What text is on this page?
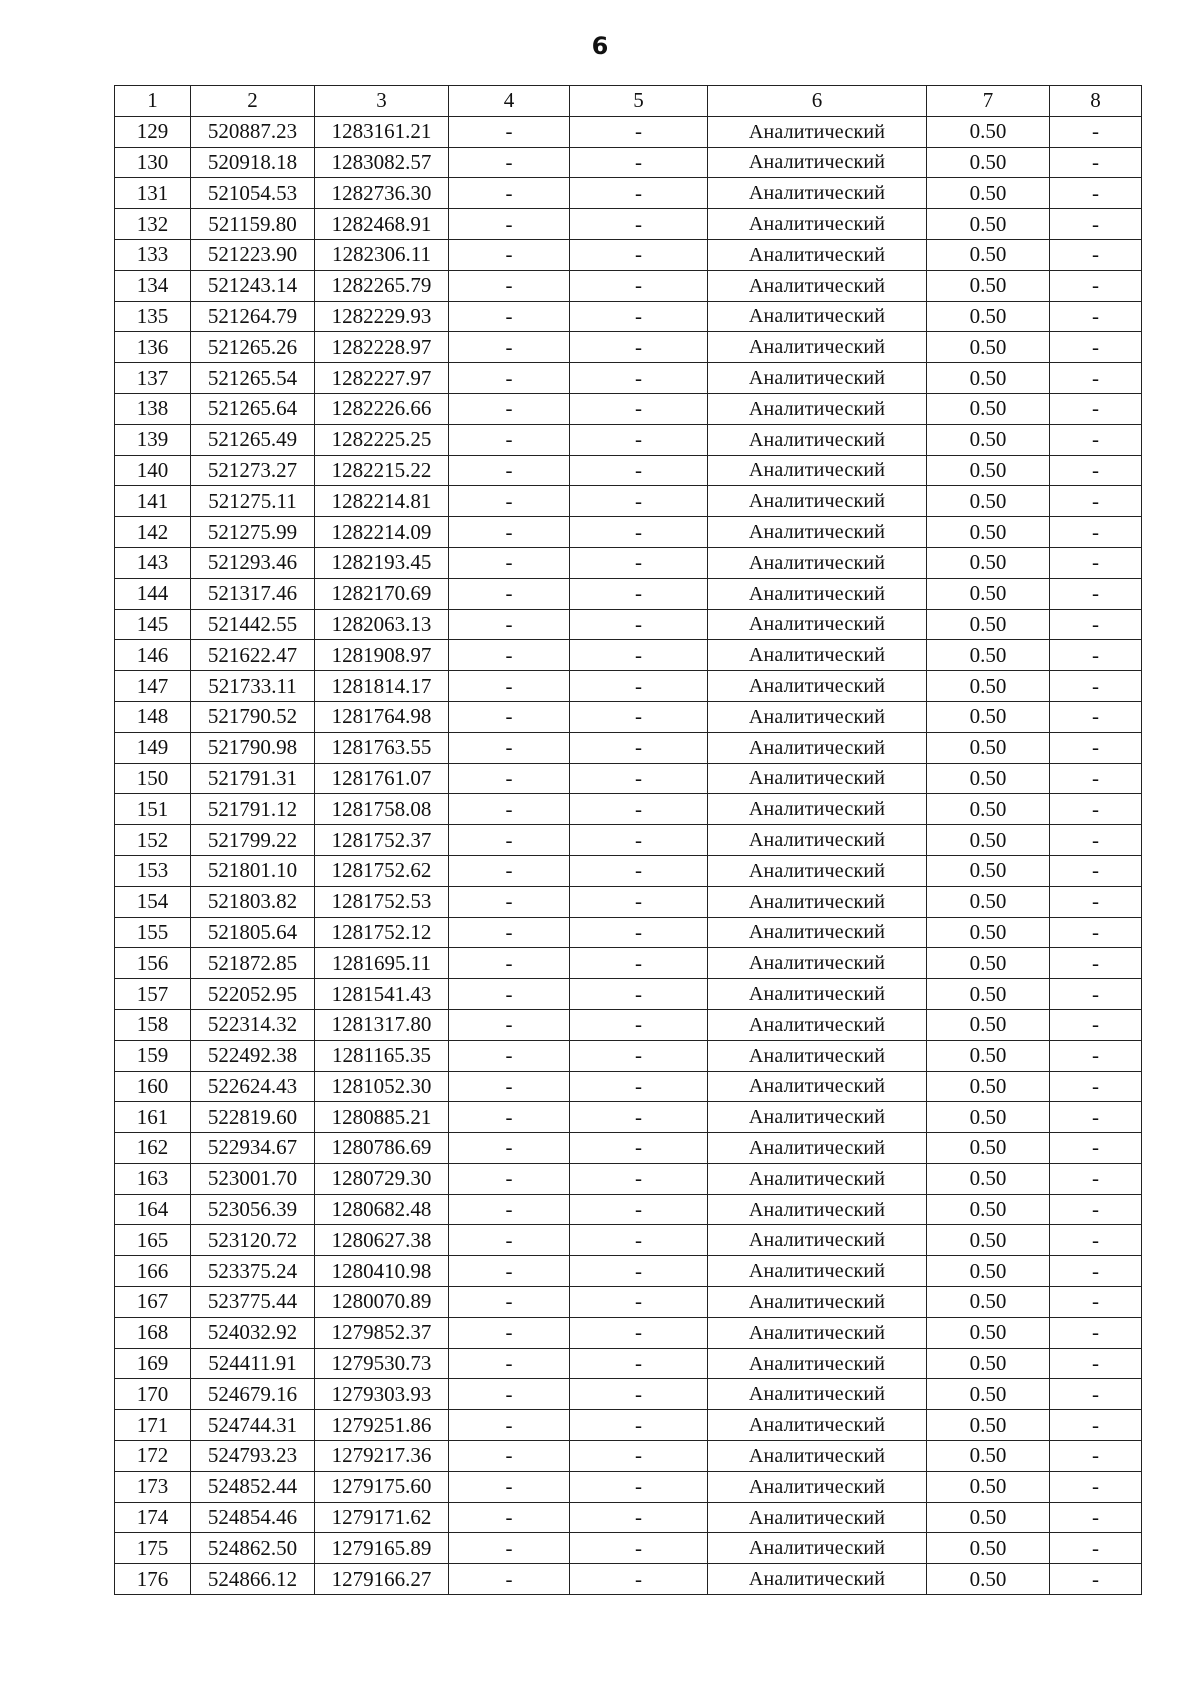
6
1	2	3	4	5	6	7	8
129	520887.23	1283161.21	-	-	Аналитический	0.50	-
130	520918.18	1283082.57	-	-	Аналитический	0.50	-
131	521054.53	1282736.30	-	-	Аналитический	0.50	-
132	521159.80	1282468.91	-	-	Аналитический	0.50	-
133	521223.90	1282306.11	-	-	Аналитический	0.50	-
134	521243.14	1282265.79	-	-	Аналитический	0.50	-
135	521264.79	1282229.93	-	-	Аналитический	0.50	-
136	521265.26	1282228.97	-	-	Аналитический	0.50	-
137	521265.54	1282227.97	-	-	Аналитический	0.50	-
138	521265.64	1282226.66	-	-	Аналитический	0.50	-
139	521265.49	1282225.25	-	-	Аналитический	0.50	-
140	521273.27	1282215.22	-	-	Аналитический	0.50	-
141	521275.11	1282214.81	-	-	Аналитический	0.50	-
142	521275.99	1282214.09	-	-	Аналитический	0.50	-
143	521293.46	1282193.45	-	-	Аналитический	0.50	-
144	521317.46	1282170.69	-	-	Аналитический	0.50	-
145	521442.55	1282063.13	-	-	Аналитический	0.50	-
146	521622.47	1281908.97	-	-	Аналитический	0.50	-
147	521733.11	1281814.17	-	-	Аналитический	0.50	-
148	521790.52	1281764.98	-	-	Аналитический	0.50	-
149	521790.98	1281763.55	-	-	Аналитический	0.50	-
150	521791.31	1281761.07	-	-	Аналитический	0.50	-
151	521791.12	1281758.08	-	-	Аналитический	0.50	-
152	521799.22	1281752.37	-	-	Аналитический	0.50	-
153	521801.10	1281752.62	-	-	Аналитический	0.50	-
154	521803.82	1281752.53	-	-	Аналитический	0.50	-
155	521805.64	1281752.12	-	-	Аналитический	0.50	-
156	521872.85	1281695.11	-	-	Аналитический	0.50	-
157	522052.95	1281541.43	-	-	Аналитический	0.50	-
158	522314.32	1281317.80	-	-	Аналитический	0.50	-
159	522492.38	1281165.35	-	-	Аналитический	0.50	-
160	522624.43	1281052.30	-	-	Аналитический	0.50	-
161	522819.60	1280885.21	-	-	Аналитический	0.50	-
162	522934.67	1280786.69	-	-	Аналитический	0.50	-
163	523001.70	1280729.30	-	-	Аналитический	0.50	-
164	523056.39	1280682.48	-	-	Аналитический	0.50	-
165	523120.72	1280627.38	-	-	Аналитический	0.50	-
166	523375.24	1280410.98	-	-	Аналитический	0.50	-
167	523775.44	1280070.89	-	-	Аналитический	0.50	-
168	524032.92	1279852.37	-	-	Аналитический	0.50	-
169	524411.91	1279530.73	-	-	Аналитический	0.50	-
170	524679.16	1279303.93	-	-	Аналитический	0.50	-
171	524744.31	1279251.86	-	-	Аналитический	0.50	-
172	524793.23	1279217.36	-	-	Аналитический	0.50	-
173	524852.44	1279175.60	-	-	Аналитический	0.50	-
174	524854.46	1279171.62	-	-	Аналитический	0.50	-
175	524862.50	1279165.89	-	-	Аналитический	0.50	-
176	524866.12	1279166.27	-	-	Аналитический	0.50	-
